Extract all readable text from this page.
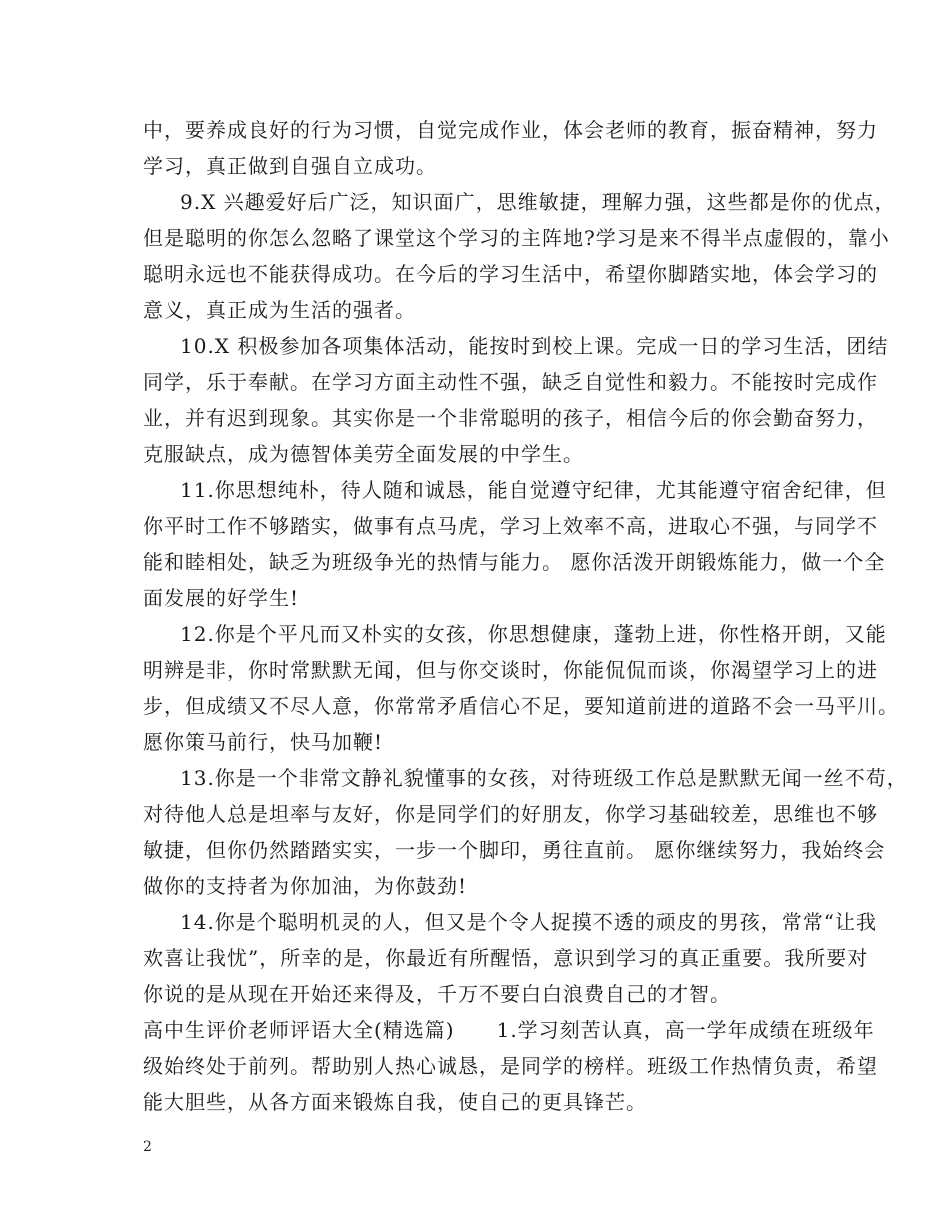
中，要养成良好的行为习惯，自觉完成作业，体会老师的教育，振奋精神，努力
学习，真正做到自强自立成功。
9.X 兴趣爱好后广泛，知识面广，思维敏捷，理解力强，这些都是你的优点，
但是聪明的你怎么忽略了课堂这个学习的主阵地?学习是来不得半点虚假的，靠小
聪明永远也不能获得成功。在今后的学习生活中，希望你脚踏实地，体会学习的
意义，真正成为生活的强者。
10.X 积极参加各项集体活动，能按时到校上课。完成一日的学习生活，团结
同学，乐于奉献。在学习方面主动性不强，缺乏自觉性和毅力。不能按时完成作
业，并有迟到现象。其实你是一个非常聪明的孩子，相信今后的你会勤奋努力，
克服缺点，成为德智体美劳全面发展的中学生。
11.你思想纯朴，待人随和诚恳，能自觉遵守纪律，尤其能遵守宿舍纪律，但
你平时工作不够踏实，做事有点马虎，学习上效率不高，进取心不强，与同学不
能和睦相处，缺乏为班级争光的热情与能力。 愿你活泼开朗锻炼能力，做一个全
面发展的好学生!
12.你是个平凡而又朴实的女孩，你思想健康，蓬勃上进，你性格开朗，又能
明辨是非，你时常默默无闻，但与你交谈时，你能侃侃而谈，你渴望学习上的进
步，但成绩又不尽人意，你常常矛盾信心不足，要知道前进的道路不会一马平川。
愿你策马前行，快马加鞭!
13.你是一个非常文静礼貌懂事的女孩，对待班级工作总是默默无闻一丝不苟，
对待他人总是坦率与友好，你是同学们的好朋友，你学习基础较差，思维也不够
敏捷，但你仍然踏踏实实，一步一个脚印，勇往直前。 愿你继续努力，我始终会
做你的支持者为你加油，为你鼓劲!
14.你是个聪明机灵的人，但又是个令人捉摸不透的顽皮的男孩，常常“让我
欢喜让我忧”，所幸的是，你最近有所醒悟，意识到学习的真正重要。我所要对
你说的是从现在开始还来得及，千万不要白白浪费自己的才智。
高中生评价老师评语大全(精选篇)　　1.学习刻苦认真，高一学年成绩在班级年
级始终处于前列。帮助别人热心诚恳，是同学的榜样。班级工作热情负责，希望
能大胆些，从各方面来锻炼自我，使自己的更具锋芒。
2
